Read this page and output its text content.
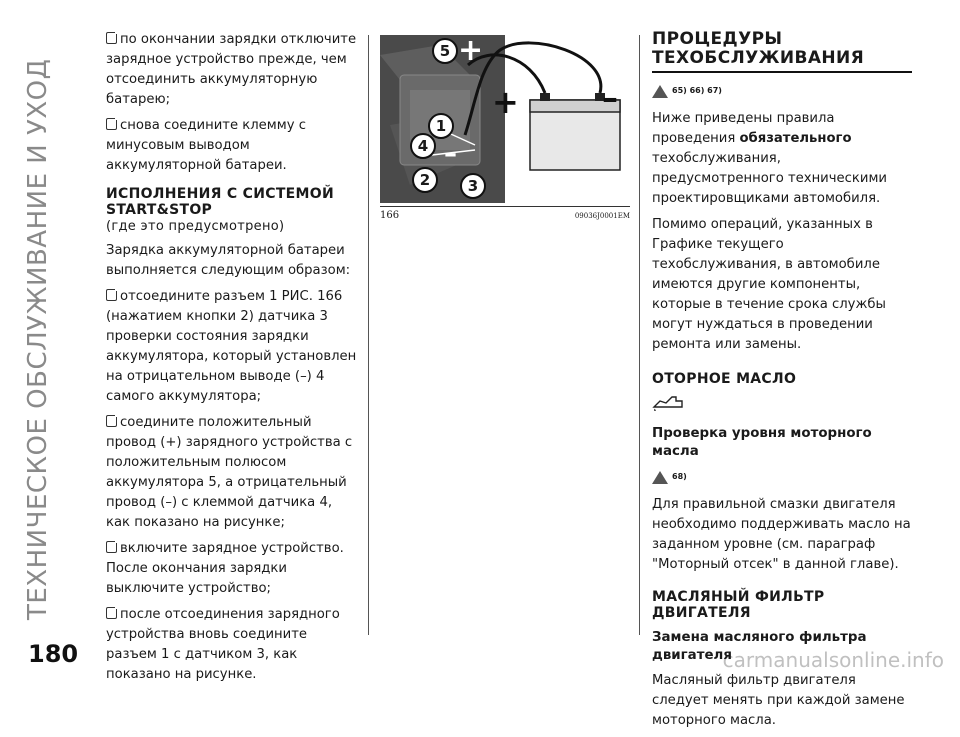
ТЕХНИЧЕСКОЕ ОБСЛУЖИВАНИЕ И УХОД
180	carmanualsonline.info

по окончании зарядки отключите зарядное устройство прежде, чем отсоединить аккумуляторную батарею;

снова соедините клемму с минусовым выводом аккумуляторной батареи.

ИСПОЛНЕНИЯ С СИСТЕМОЙ START&STOP
(где это предусмотрено)

Зарядка аккумуляторной батареи выполняется следующим образом:

отсоедините разъем 1 РИС. 166 (нажатием кнопки 2) датчика 3 проверки состояния зарядки аккумулятора, который установлен на отрицательном выводе (–) 4 самого аккумулятора;

соедините положительный провод (+) зарядного устройства с положительным полюсом аккумулятора 5, а отрицательный провод (–) с клеммой датчика 4, как показано на рисунке;

включите зарядное устройство.

После окончания зарядки выключите устройство;

после отсоединения зарядного устройства вновь соедините разъем 1 с датчиком 3, как показано на рисунке.

5 +
+	–
1
4
2	3
–
166	09036J0001EM
ПРОЦЕДУРЫ ТЕХОБСЛУЖИВАНИЯ
65) 66) 67)

Ниже приведены правила проведения обязательного техобслуживания, предусмотренного техническими проектировщиками автомобиля.

Помимо операций, указанных в Графике текущего техобслуживания, в автомобиле имеются другие компоненты, которые в течение срока службы могут нуждаться в проведении ремонта или замены.

ОТОРНОЕ МАСЛО
Проверка уровня моторного масла
68)

Для правильной смазки двигателя необходимо поддерживать масло на заданном уровне (см. параграф "Моторный отсек" в данной главе).

МАСЛЯНЫЙ ФИЛЬТР ДВИГАТЕЛЯ
Замена масляного фильтра двигателя

Масляный фильтр двигателя следует менять при каждой замене моторного масла.
